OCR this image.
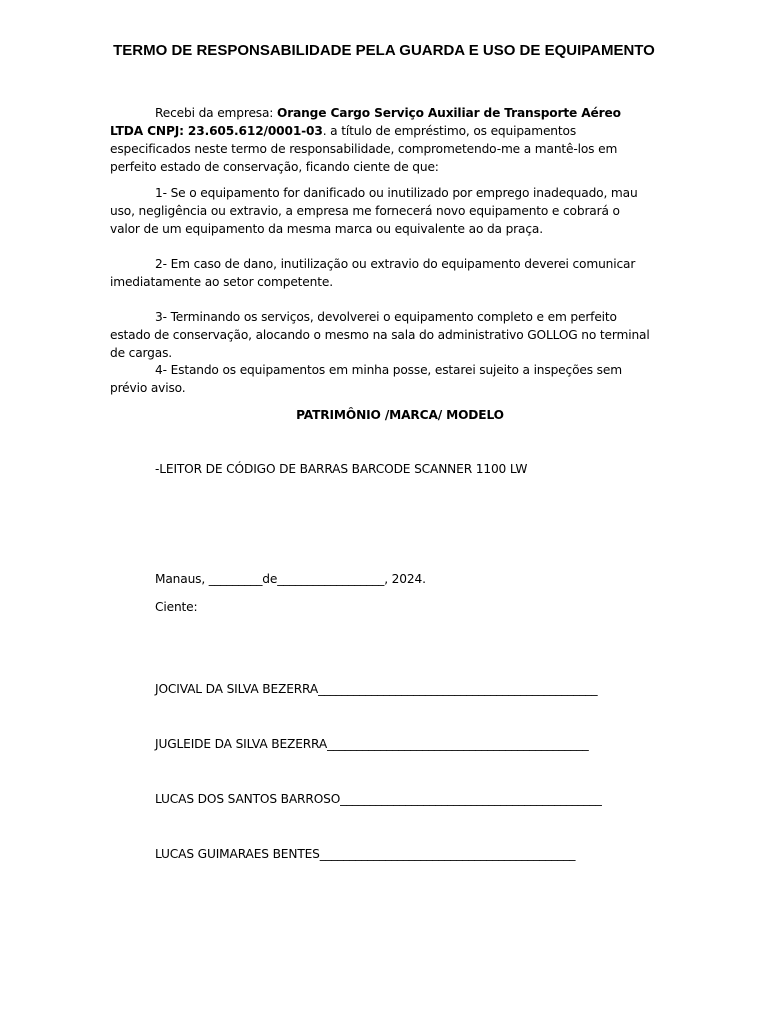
TERMO DE RESPONSABILIDADE PELA GUARDA E USO DE EQUIPAMENTO

Recebi da empresa: Orange Cargo Serviço Auxiliar de Transporte Aéreo LTDA CNPJ: 23.605.612/0001-03. a título de empréstimo, os equipamentos especificados neste termo de responsabilidade, comprometendo-me a mantê-los em perfeito estado de conservação, ficando ciente de que:

1- Se o equipamento for danificado ou inutilizado por emprego inadequado, mau uso, negligência ou extravio, a empresa me fornecerá novo equipamento e cobrará o valor de um equipamento da mesma marca ou equivalente ao da praça.

2- Em caso de dano, inutilização ou extravio do equipamento deverei comunicar imediatamente ao setor competente.

3- Terminando os serviços, devolverei o equipamento completo e em perfeito estado de conservação, alocando o mesmo na sala do administrativo GOLLOG no terminal de cargas.

4- Estando os equipamentos em minha posse, estarei sujeito a inspeções sem prévio aviso.

PATRIMÔNIO /MARCA/ MODELO

-LEITOR DE CÓDIGO DE BARRAS BARCODE SCANNER 1100 LW

Manaus, _________de__________________, 2024.

Ciente:

JOCIVAL DA SILVA BEZERRA_______________________________________________

JUGLEIDE DA SILVA BEZERRA____________________________________________

LUCAS DOS SANTOS BARROSO____________________________________________

LUCAS GUIMARAES BENTES___________________________________________
